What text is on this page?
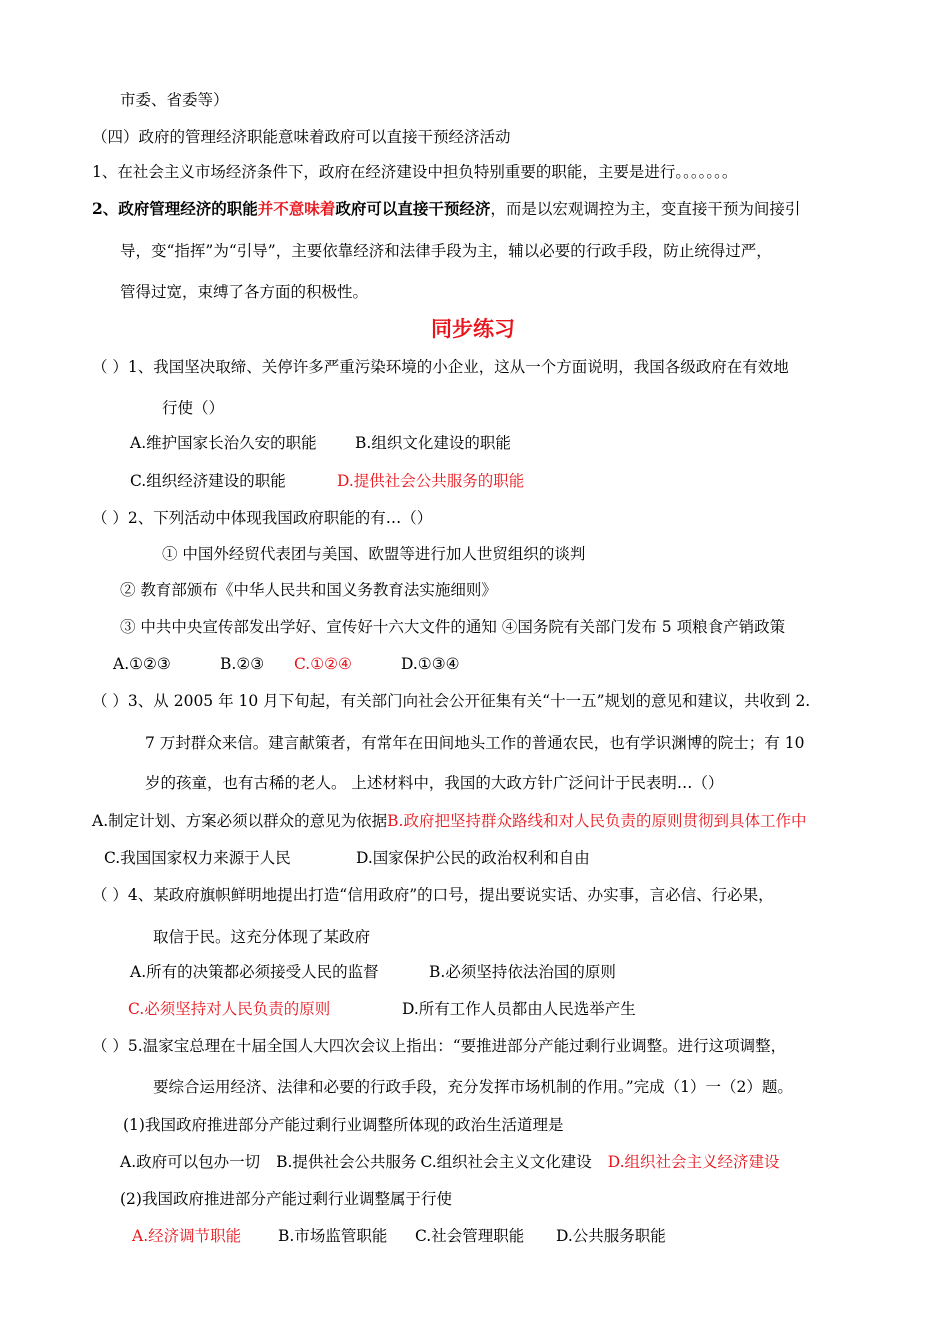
市委、省委等）
（四）政府的管理经济职能意味着政府可以直接干预经济活动
1、在社会主义市场经济条件下，政府在经济建设中担负特别重要的职能，主要是进行。。。。。。。
2、政府管理经济的职能并不意味着政府可以直接干预经济，而是以宏观调控为主，变直接干预为间接引
导，变“指挥”为“引导”，主要依靠经济和法律手段为主，辅以必要的行政手段，防止统得过严，
管得过宽，束缚了各方面的积极性。
同步练习
（ ）1、我国坚决取缔、关停许多严重污染环境的小企业，这从一个方面说明，我国各级政府在有效地
行使（）
A.维护国家长治久安的职能 B.组织文化建设的职能
C.组织经济建设的职能	D.提供社会公共服务的职能
（ ）2、下列活动中体现我国政府职能的有…（）
① 中国外经贸代表团与美国、欧盟等进行加人世贸组织的谈判
② 教育部颁布《中华人民共和国义务教育法实施细则》
③ 中共中央宣传部发出学好、宣传好十六大文件的通知 ④国务院有关部门发布 5 项粮食产销政策
A.①②③	B.②③ C.①②④	D.①③④
（ ）3、从 2005 年 10 月下旬起，有关部门向社会公开征集有关“十一五”规划的意见和建议，共收到 2.
7 万封群众来信。建言献策者，有常年在田间地头工作的普通农民，也有学识渊博的院士；有 10
岁的孩童，也有古稀的老人。 上述材料中，我国的大政方针广泛问计于民表明…（）
A.制定计划、方案必须以群众的意见为依据B.政府把坚持群众路线和对人民负责的原则贯彻到具体工作中
C.我国国家权力来源于人民	D.国家保护公民的政治权利和自由
（ ）4、某政府旗帜鲜明地提出打造“信用政府”的口号，提出要说实话、办实事，言必信、行必果，
取信于民。这充分体现了某政府
A.所有的决策都必须接受人民的监督	B.必须坚持依法治国的原则
C.必须坚持对人民负责的原则	D.所有工作人员都由人民选举产生
（ ）5.温家宝总理在十届全国人大四次会议上指出：“要推进部分产能过剩行业调整。进行这项调整，
要综合运用经济、法律和必要的行政手段，充分发挥市场机制的作用。”完成（1）一（2）题。
(1)我国政府推进部分产能过剩行业调整所体现的政治生活道理是
A.政府可以包办一切 B.提供社会公共服务 C.组织社会主义文化建设 D.组织社会主义经济建设
(2)我国政府推进部分产能过剩行业调整属于行使
A.经济调节职能 B.市场监管职能 C.社会管理职能 D.公共服务职能
